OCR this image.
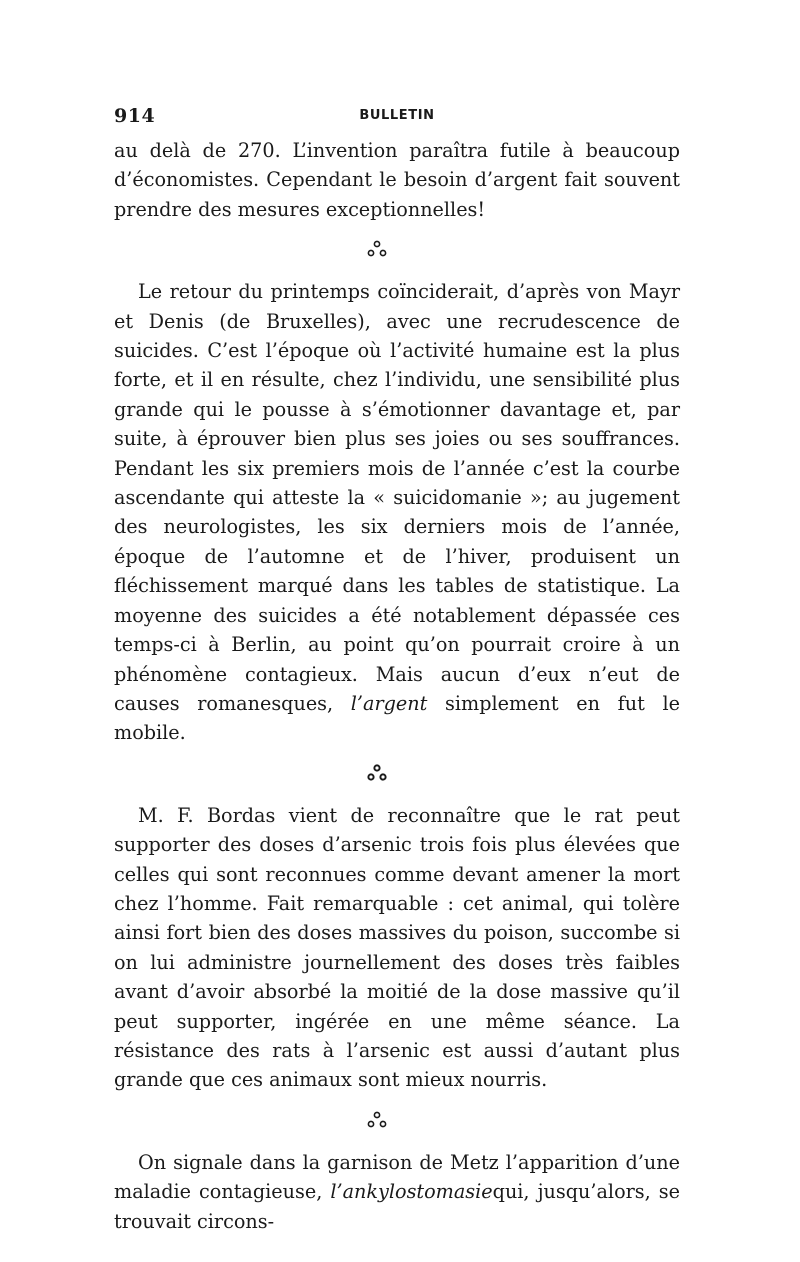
914	BULLETIN

au delà de 270. L’invention paraîtra futile à beaucoup d’économistes. Cependant le besoin d’argent fait souvent prendre des mesures exceptionnelles!

Le retour du printemps coïnciderait, d’après von Mayr et Denis (de Bruxelles), avec une recrudescence de suicides. C’est l’époque où l’activité humaine est la plus forte, et il en résulte, chez l’individu, une sensibilité plus grande qui le pousse à s’émotionner davantage et, par suite, à éprouver bien plus ses joies ou ses souffrances. Pendant les six premiers mois de l’année c’est la courbe ascendante qui atteste la « suicidomanie »; au jugement des neurologistes, les six derniers mois de l’année, époque de l’automne et de l’hiver, produisent un fléchissement marqué dans les tables de statistique. La moyenne des suicides a été notablement dépassée ces temps-ci à Berlin, au point qu’on pourrait croire à un phénomène contagieux. Mais aucun d’eux n’eut de causes romanesques, l’argent simplement en fut le mobile.

M. F. Bordas vient de reconnaître que le rat peut supporter des doses d’arsenic trois fois plus élevées que celles qui sont reconnues comme devant amener la mort chez l’homme. Fait remarquable : cet animal, qui tolère ainsi fort bien des doses massives du poison, succombe si on lui administre journellement des doses très faibles avant d’avoir absorbé la moitié de la dose massive qu’il peut supporter, ingérée en une même séance. La résistance des rats à l’arsenic est aussi d’autant plus grande que ces animaux sont mieux nourris.

On signale dans la garnison de Metz l’apparition d’une maladie contagieuse, l’ankylostomasiequi, jusqu’alors, se trouvait circons-
